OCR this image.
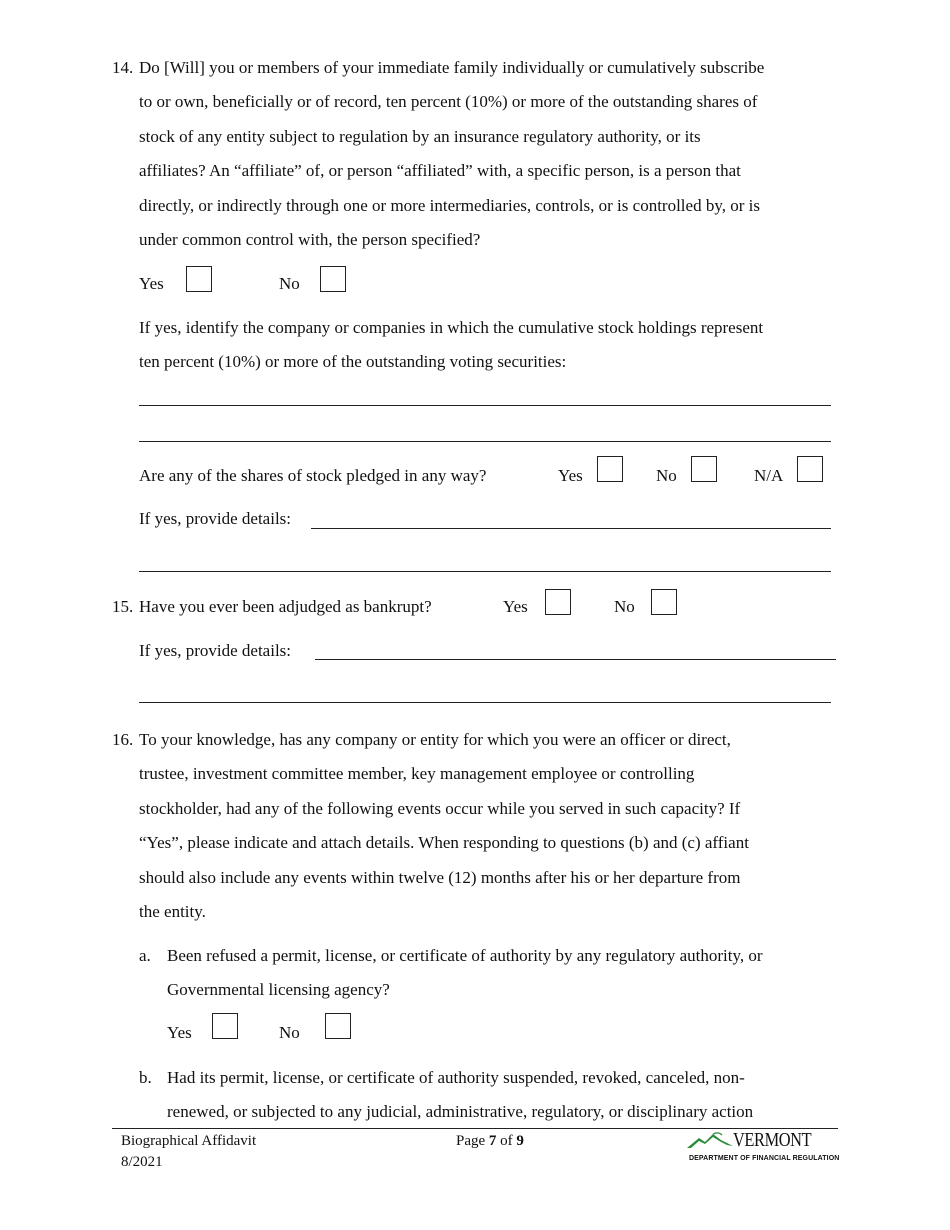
14. Do [Will] you or members of your immediate family individually or cumulatively subscribe
to or own, beneficially or of record, ten percent (10%) or more of the outstanding shares of
stock of any entity subject to regulation by an insurance regulatory authority, or its
affiliates? An “affiliate” of, or person “affiliated” with, a specific person, is a person that
directly, or indirectly through one or more intermediaries, controls, or is controlled by, or is
under common control with, the person specified?
Yes	No
If yes, identify the company or companies in which the cumulative stock holdings represent
ten percent (10%) or more of the outstanding voting securities:
Are any of the shares of stock pledged in any way?	Yes	No	N/A
If yes, provide details:
15. Have you ever been adjudged as bankrupt?	Yes	No
If yes, provide details:
16. To your knowledge, has any company or entity for which you were an officer or direct,
trustee, investment committee member, key management employee or controlling
stockholder, had any of the following events occur while you served in such capacity? If
“Yes”, please indicate and attach details. When responding to questions (b) and (c) affiant
should also include any events within twelve (12) months after his or her departure from
the entity.
a. Been refused a permit, license, or certificate of authority by any regulatory authority, or
Governmental licensing agency?
Yes	No
b. Had its permit, license, or certificate of authority suspended, revoked, canceled, non-
renewed, or subjected to any judicial, administrative, regulatory, or disciplinary action
Biographical Affidavit
8/2021
Page 7 of 9	VERMONT
DEPARTMENT OF FINANCIAL REGULATION
